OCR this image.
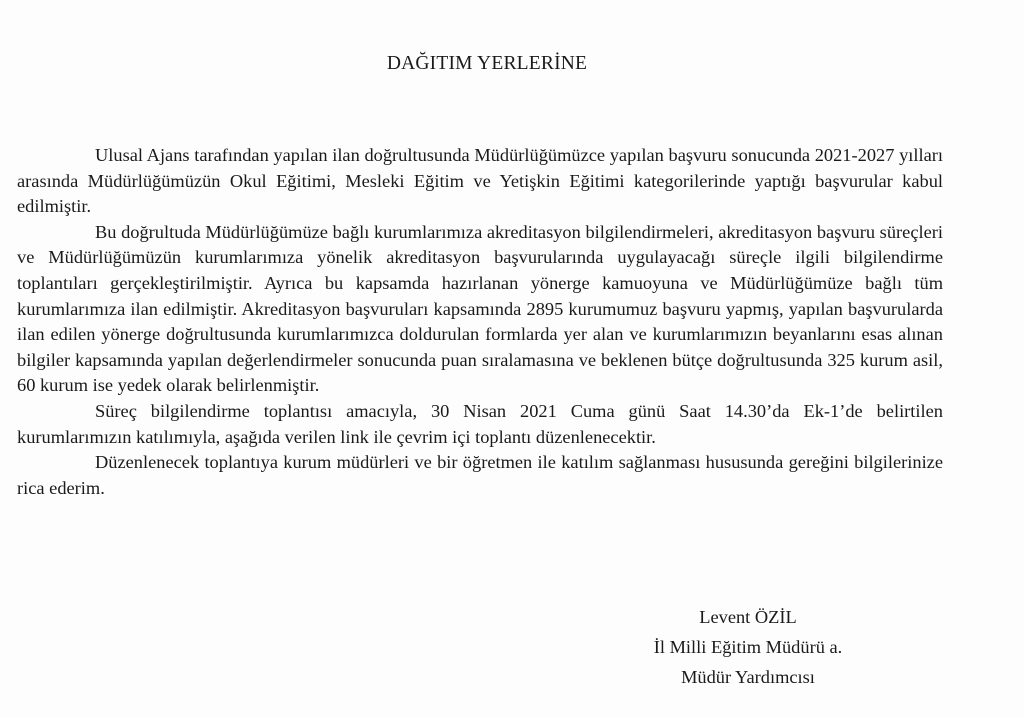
DAĞITIM YERLERİNE

Ulusal Ajans tarafından yapılan ilan doğrultusunda Müdürlüğümüzce yapılan başvuru sonucunda 2021-2027 yılları arasında Müdürlüğümüzün Okul Eğitimi, Mesleki Eğitim ve Yetişkin Eğitimi kategorilerinde yaptığı başvurular kabul edilmiştir.

Bu doğrultuda Müdürlüğümüze bağlı kurumlarımıza akreditasyon bilgilendirmeleri, akreditasyon başvuru süreçleri ve Müdürlüğümüzün kurumlarımıza yönelik akreditasyon başvurularında uygulayacağı süreçle ilgili bilgilendirme toplantıları gerçekleştirilmiştir. Ayrıca bu kapsamda hazırlanan yönerge kamuoyuna ve Müdürlüğümüze bağlı tüm kurumlarımıza ilan edilmiştir. Akreditasyon başvuruları kapsamında 2895 kurumumuz başvuru yapmış, yapılan başvurularda ilan edilen yönerge doğrultusunda kurumlarımızca doldurulan formlarda yer alan ve kurumlarımızın beyanlarını esas alınan bilgiler kapsamında yapılan değerlendirmeler sonucunda puan sıralamasına ve beklenen bütçe doğrultusunda 325 kurum asil, 60 kurum ise yedek olarak belirlenmiştir.

Süreç bilgilendirme toplantısı amacıyla, 30 Nisan 2021 Cuma günü Saat 14.30’da Ek-1’de belirtilen kurumlarımızın katılımıyla, aşağıda verilen link ile çevrim içi toplantı düzenlenecektir.

Düzenlenecek toplantıya kurum müdürleri ve bir öğretmen ile katılım sağlanması hususunda gereğini bilgilerinize rica ederim.

Levent ÖZİL
İl Milli Eğitim Müdürü a.
Müdür Yardımcısı
